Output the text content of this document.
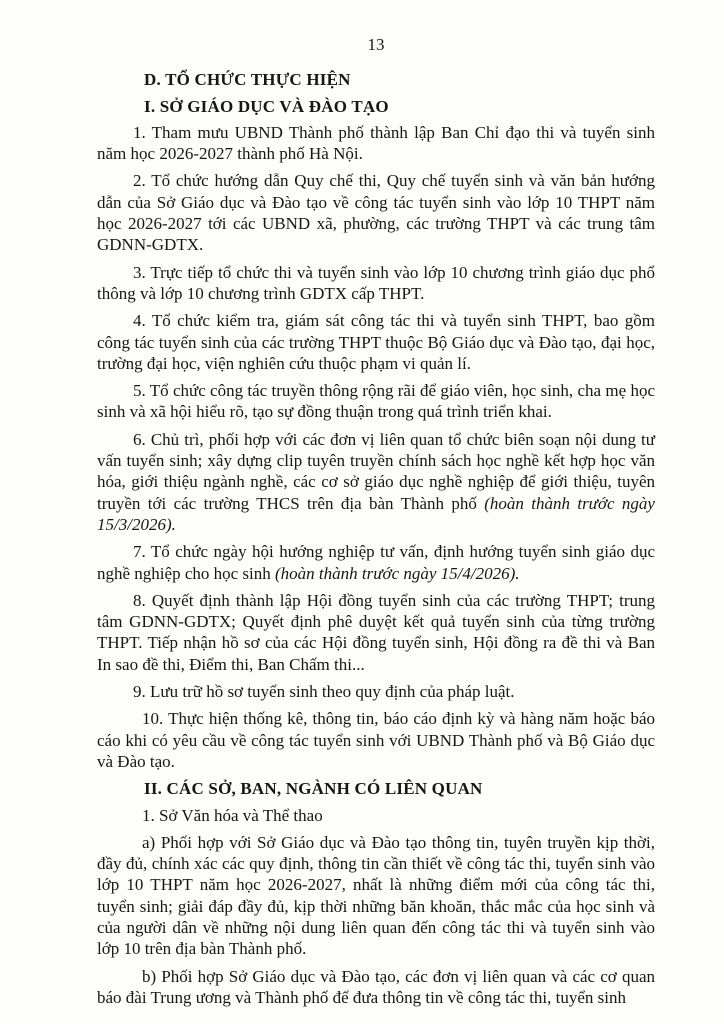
13
D. TỔ CHỨC THỰC HIỆN
I. SỞ GIÁO DỤC VÀ ĐÀO TẠO

1. Tham mưu UBND Thành phố thành lập Ban Chỉ đạo thi và tuyển sinh năm học 2026-2027 thành phố Hà Nội.

2. Tổ chức hướng dẫn Quy chế thi, Quy chế tuyển sinh và văn bản hướng dẫn của Sở Giáo dục và Đào tạo về công tác tuyển sinh vào lớp 10 THPT năm học 2026-2027 tới các UBND xã, phường, các trường THPT và các trung tâm GDNN-GDTX.

3. Trực tiếp tổ chức thi và tuyển sinh vào lớp 10 chương trình giáo dục phổ thông và lớp 10 chương trình GDTX cấp THPT.

4. Tổ chức kiểm tra, giám sát công tác thi và tuyển sinh THPT, bao gồm công tác tuyển sinh của các trường THPT thuộc Bộ Giáo dục và Đào tạo, đại học, trường đại học, viện nghiên cứu thuộc phạm vi quản lí.

5. Tổ chức công tác truyền thông rộng rãi để giáo viên, học sinh, cha mẹ học sinh và xã hội hiểu rõ, tạo sự đồng thuận trong quá trình triển khai.

6. Chủ trì, phối hợp với các đơn vị liên quan tổ chức biên soạn nội dung tư vấn tuyển sinh; xây dựng clip tuyên truyền chính sách học nghề kết hợp học văn hóa, giới thiệu ngành nghề, các cơ sở giáo dục nghề nghiệp để giới thiệu, tuyên truyền tới các trường THCS trên địa bàn Thành phố (hoàn thành trước ngày 15/3/2026).

7. Tổ chức ngày hội hướng nghiệp tư vấn, định hướng tuyển sinh giáo dục nghề nghiệp cho học sinh (hoàn thành trước ngày 15/4/2026).

8. Quyết định thành lập Hội đồng tuyển sinh của các trường THPT; trung tâm GDNN-GDTX; Quyết định phê duyệt kết quả tuyển sinh của từng trường THPT. Tiếp nhận hồ sơ của các Hội đồng tuyển sinh, Hội đồng ra đề thi và Ban In sao đề thi, Điểm thi, Ban Chấm thi...

9. Lưu trữ hồ sơ tuyển sinh theo quy định của pháp luật.

10. Thực hiện thống kê, thông tin, báo cáo định kỳ và hàng năm hoặc báo cáo khi có yêu cầu về công tác tuyển sinh với UBND Thành phố và Bộ Giáo dục và Đào tạo.

II. CÁC SỞ, BAN, NGÀNH CÓ LIÊN QUAN

1. Sở Văn hóa và Thể thao

a) Phối hợp với Sở Giáo dục và Đào tạo thông tin, tuyên truyền kịp thời, đầy đủ, chính xác các quy định, thông tin cần thiết về công tác thi, tuyển sinh vào lớp 10 THPT năm học 2026-2027, nhất là những điểm mới của công tác thi, tuyển sinh; giải đáp đầy đủ, kịp thời những băn khoăn, thắc mắc của học sinh và của người dân về những nội dung liên quan đến công tác thi và tuyển sinh vào lớp 10 trên địa bàn Thành phố.

b) Phối hợp Sở Giáo dục và Đào tạo, các đơn vị liên quan và các cơ quan báo đài Trung ương và Thành phố để đưa thông tin về công tác thi, tuyển sinh
